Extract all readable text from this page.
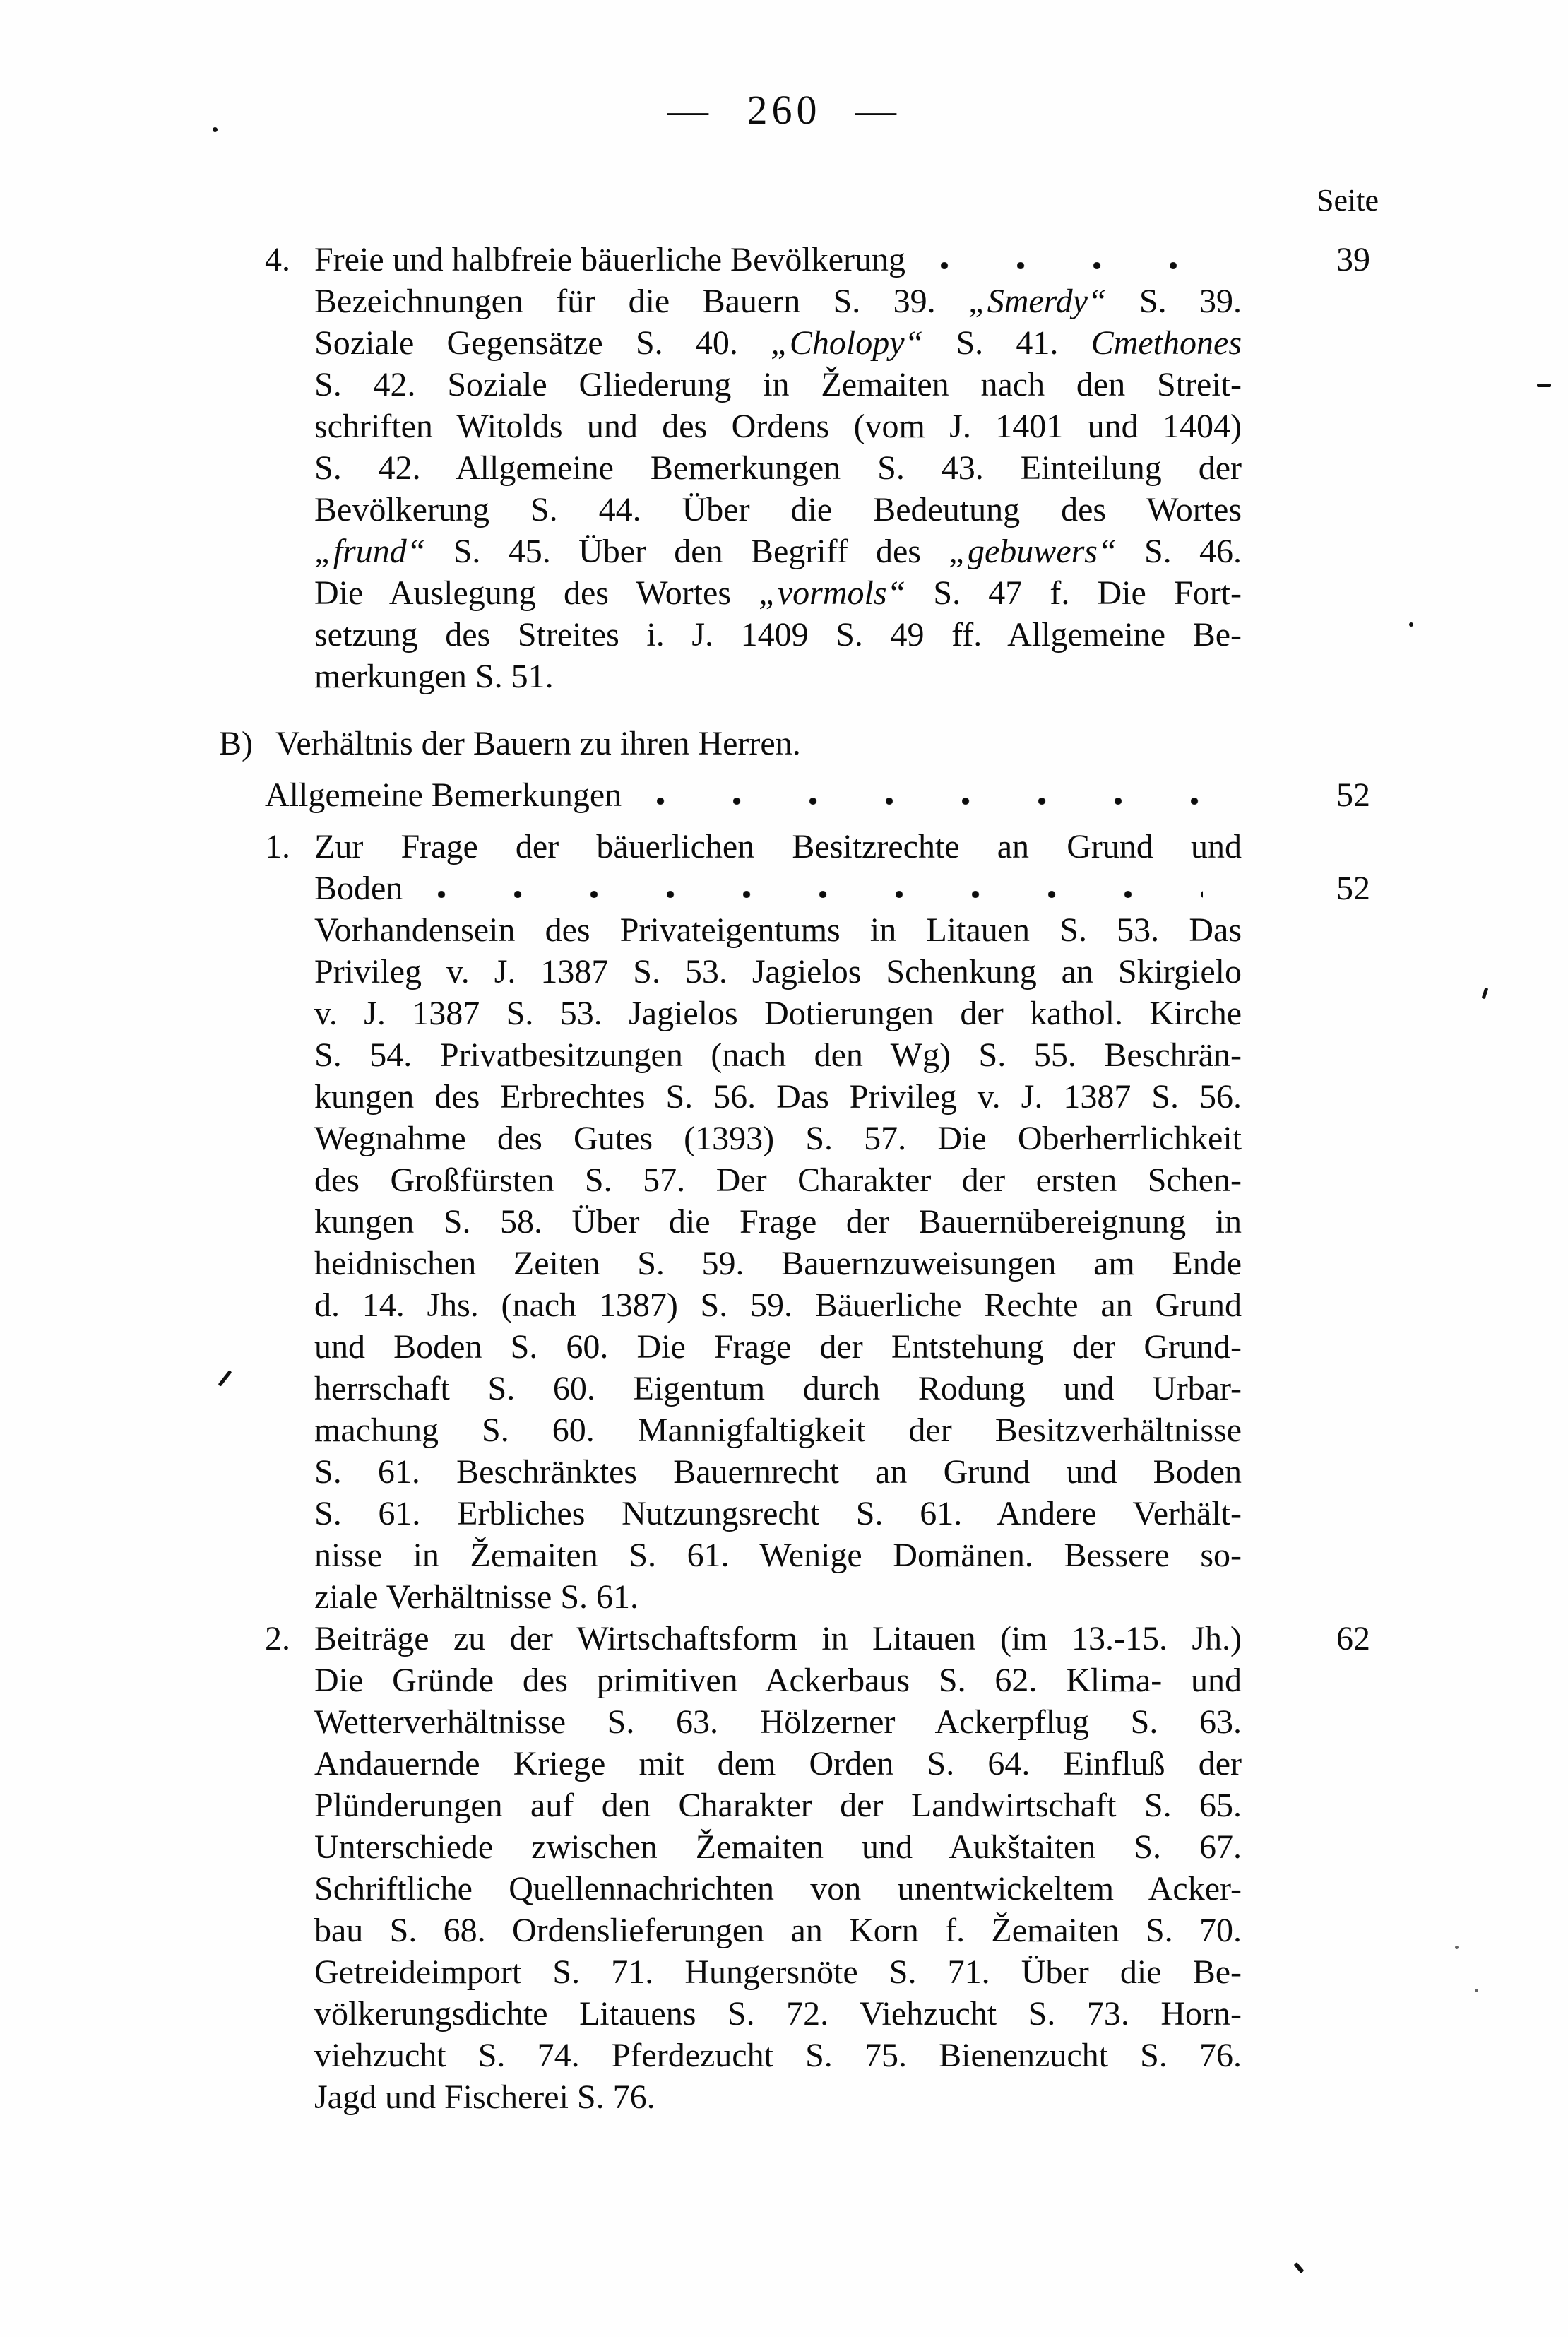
— 260 —
Seite
4. Freie und halbfreie bäuerliche Bevölkerung	39
Bezeichnungen für die Bauern S. 39. „Smerdy“ S. 39.
Soziale Gegensätze S. 40. „Cholopy“ S. 41. Cmethones
S. 42. Soziale Gliederung in Žemaiten nach den Streit-
schriften Witolds und des Ordens (vom J. 1401 und 1404)
S. 42. Allgemeine Bemerkungen S. 43. Einteilung der
Bevölkerung S. 44. Über die Bedeutung des Wortes
„frund“ S. 45. Über den Begriff des „gebuwers“ S. 46.
Die Auslegung des Wortes „vormols“ S. 47 f. Die Fort-
setzung des Streites i. J. 1409 S. 49 ff. Allgemeine Be-
merkungen S. 51.
B) Verhältnis der Bauern zu ihren Herren.
Allgemeine Bemerkungen	52
1. Zur Frage der bäuerlichen Besitzrechte an Grund und
Boden	52
Vorhandensein des Privateigentums in Litauen S. 53. Das
Privileg v. J. 1387 S. 53. Jagielos Schenkung an Skirgielo
v. J. 1387 S. 53. Jagielos Dotierungen der kathol. Kirche
S. 54. Privatbesitzungen (nach den Wg) S. 55. Beschrän-
kungen des Erbrechtes S. 56. Das Privileg v. J. 1387 S. 56.
Wegnahme des Gutes (1393) S. 57. Die Oberherrlichkeit
des Großfürsten S. 57. Der Charakter der ersten Schen-
kungen S. 58. Über die Frage der Bauernübereignung in
heidnischen Zeiten S. 59. Bauernzuweisungen am Ende
d. 14. Jhs. (nach 1387) S. 59. Bäuerliche Rechte an Grund
und Boden S. 60. Die Frage der Entstehung der Grund-
herrschaft S. 60. Eigentum durch Rodung und Urbar-
machung S. 60. Mannigfaltigkeit der Besitzverhältnisse
S. 61. Beschränktes Bauernrecht an Grund und Boden
S. 61. Erbliches Nutzungsrecht S. 61. Andere Verhält-
nisse in Žemaiten S. 61. Wenige Domänen. Bessere so-
ziale Verhältnisse S. 61.
2. Beiträge zu der Wirtschaftsform in Litauen (im 13.-15. Jh.)	62
Die Gründe des primitiven Ackerbaus S. 62. Klima- und
Wetterverhältnisse S. 63. Hölzerner Ackerpflug S. 63.
Andauernde Kriege mit dem Orden S. 64. Einfluß der
Plünderungen auf den Charakter der Landwirtschaft S. 65.
Unterschiede zwischen Žemaiten und Aukštaiten S. 67.
Schriftliche Quellennachrichten von unentwickeltem Acker-
bau S. 68. Ordenslieferungen an Korn f. Žemaiten S. 70.
Getreideimport S. 71. Hungersnöte S. 71. Über die Be-
völkerungsdichte Litauens S. 72. Viehzucht S. 73. Horn-
viehzucht S. 74. Pferdezucht S. 75. Bienenzucht S. 76.
Jagd und Fischerei S. 76.
